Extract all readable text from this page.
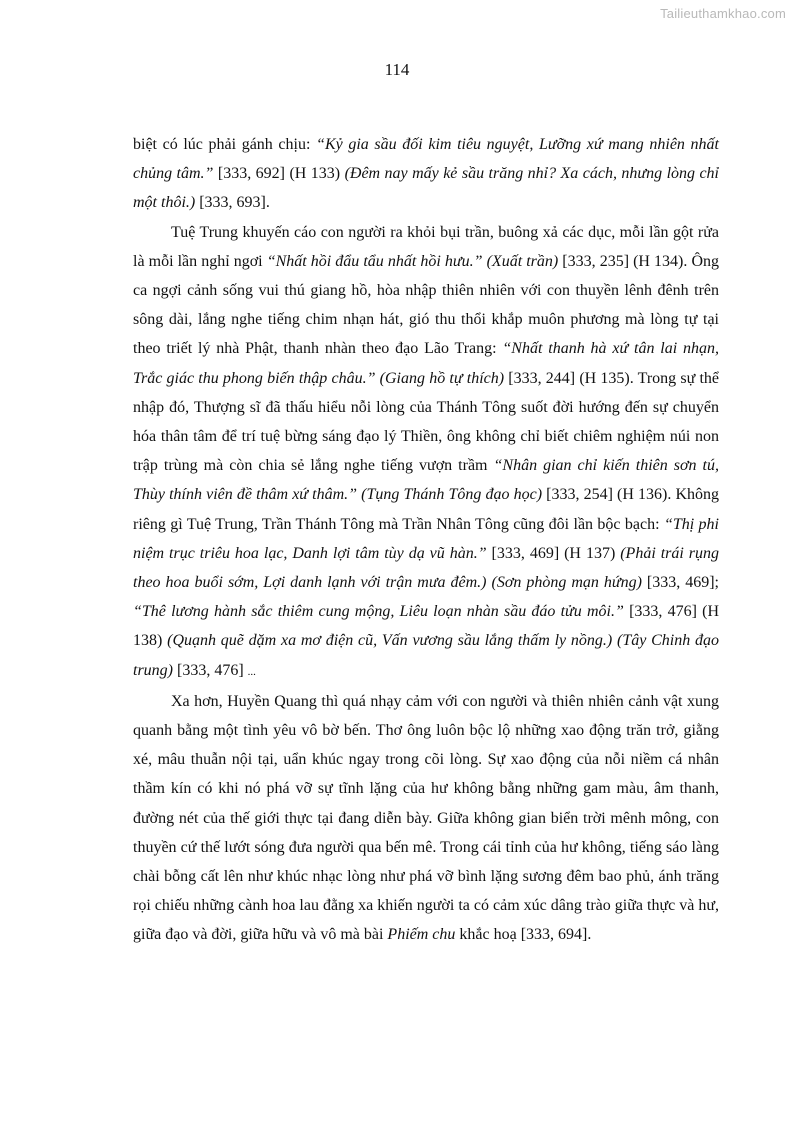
Tailieuthamkhao.com
114

biệt có lúc phải gánh chịu: “Kỷ gia sầu đối kim tiêu nguyệt, Lưỡng xứ mang nhiên nhất chủng tâm.” [333, 692] (H 133) (Đêm nay mấy kẻ sầu trăng nhỉ? Xa cách, nhưng lòng chỉ một thôi.) [333, 693].

Tuệ Trung khuyến cáo con người ra khỏi bụi trần, buông xả các dục, mỗi lần gột rửa là mỗi lần nghỉ ngơi “Nhất hồi đẩu tẩu nhất hồi hưu.” (Xuất trần) [333, 235] (H 134). Ông ca ngợi cảnh sống vui thú giang hồ, hòa nhập thiên nhiên với con thuyền lênh đênh trên sông dài, lắng nghe tiếng chim nhạn hát, gió thu thổi khắp muôn phương mà lòng tự tại theo triết lý nhà Phật, thanh nhàn theo đạo Lão Trang: “Nhất thanh hà xứ tân lai nhạn, Trắc giác thu phong biến thập châu.” (Giang hồ tự thích) [333, 244] (H 135). Trong sự thể nhập đó, Thượng sĩ đã thấu hiểu nỗi lòng của Thánh Tông suốt đời hướng đến sự chuyển hóa thân tâm để trí tuệ bừng sáng đạo lý Thiền, ông không chỉ biết chiêm nghiệm núi non trập trùng mà còn chia sẻ lắng nghe tiếng vượn trầm “Nhân gian chỉ kiến thiên sơn tú, Thùy thính viên đề thâm xứ thâm.” (Tụng Thánh Tông đạo học) [333, 254] (H 136). Không riêng gì Tuệ Trung, Trần Thánh Tông mà Trần Nhân Tông cũng đôi lần bộc bạch: “Thị phi niệm trục triêu hoa lạc, Danh lợi tâm tùy dạ vũ hàn.” [333, 469] (H 137) (Phải trái rụng theo hoa buổi sớm, Lợi danh lạnh với trận mưa đêm.) (Sơn phòng mạn hứng) [333, 469]; “Thê lương hành sắc thiêm cung mộng, Liêu loạn nhàn sầu đáo tửu môi.” [333, 476] (H 138) (Quạnh quẽ dặm xa mơ điện cũ, Vấn vương sầu lắng thấm ly nồng.) (Tây Chinh đạo trung) [333, 476] ...

Xa hơn, Huyền Quang thì quá nhạy cảm với con người và thiên nhiên cảnh vật xung quanh bằng một tình yêu vô bờ bến. Thơ ông luôn bộc lộ những xao động trăn trở, giằng xé, mâu thuẫn nội tại, uẩn khúc ngay trong cõi lòng. Sự xao động của nỗi niềm cá nhân thầm kín có khi nó phá vỡ sự tĩnh lặng của hư không bằng những gam màu, âm thanh, đường nét của thế giới thực tại đang diễn bày. Giữa không gian biển trời mênh mông, con thuyền cứ thế lướt sóng đưa người qua bến mê. Trong cái tỉnh của hư không, tiếng sáo làng chài bỗng cất lên như khúc nhạc lòng như phá vỡ bình lặng sương đêm bao phủ, ánh trăng rọi chiếu những cành hoa lau đằng xa khiến người ta có cảm xúc dâng trào giữa thực và hư, giữa đạo và đời, giữa hữu và vô mà bài Phiếm chu khắc hoạ [333, 694].
